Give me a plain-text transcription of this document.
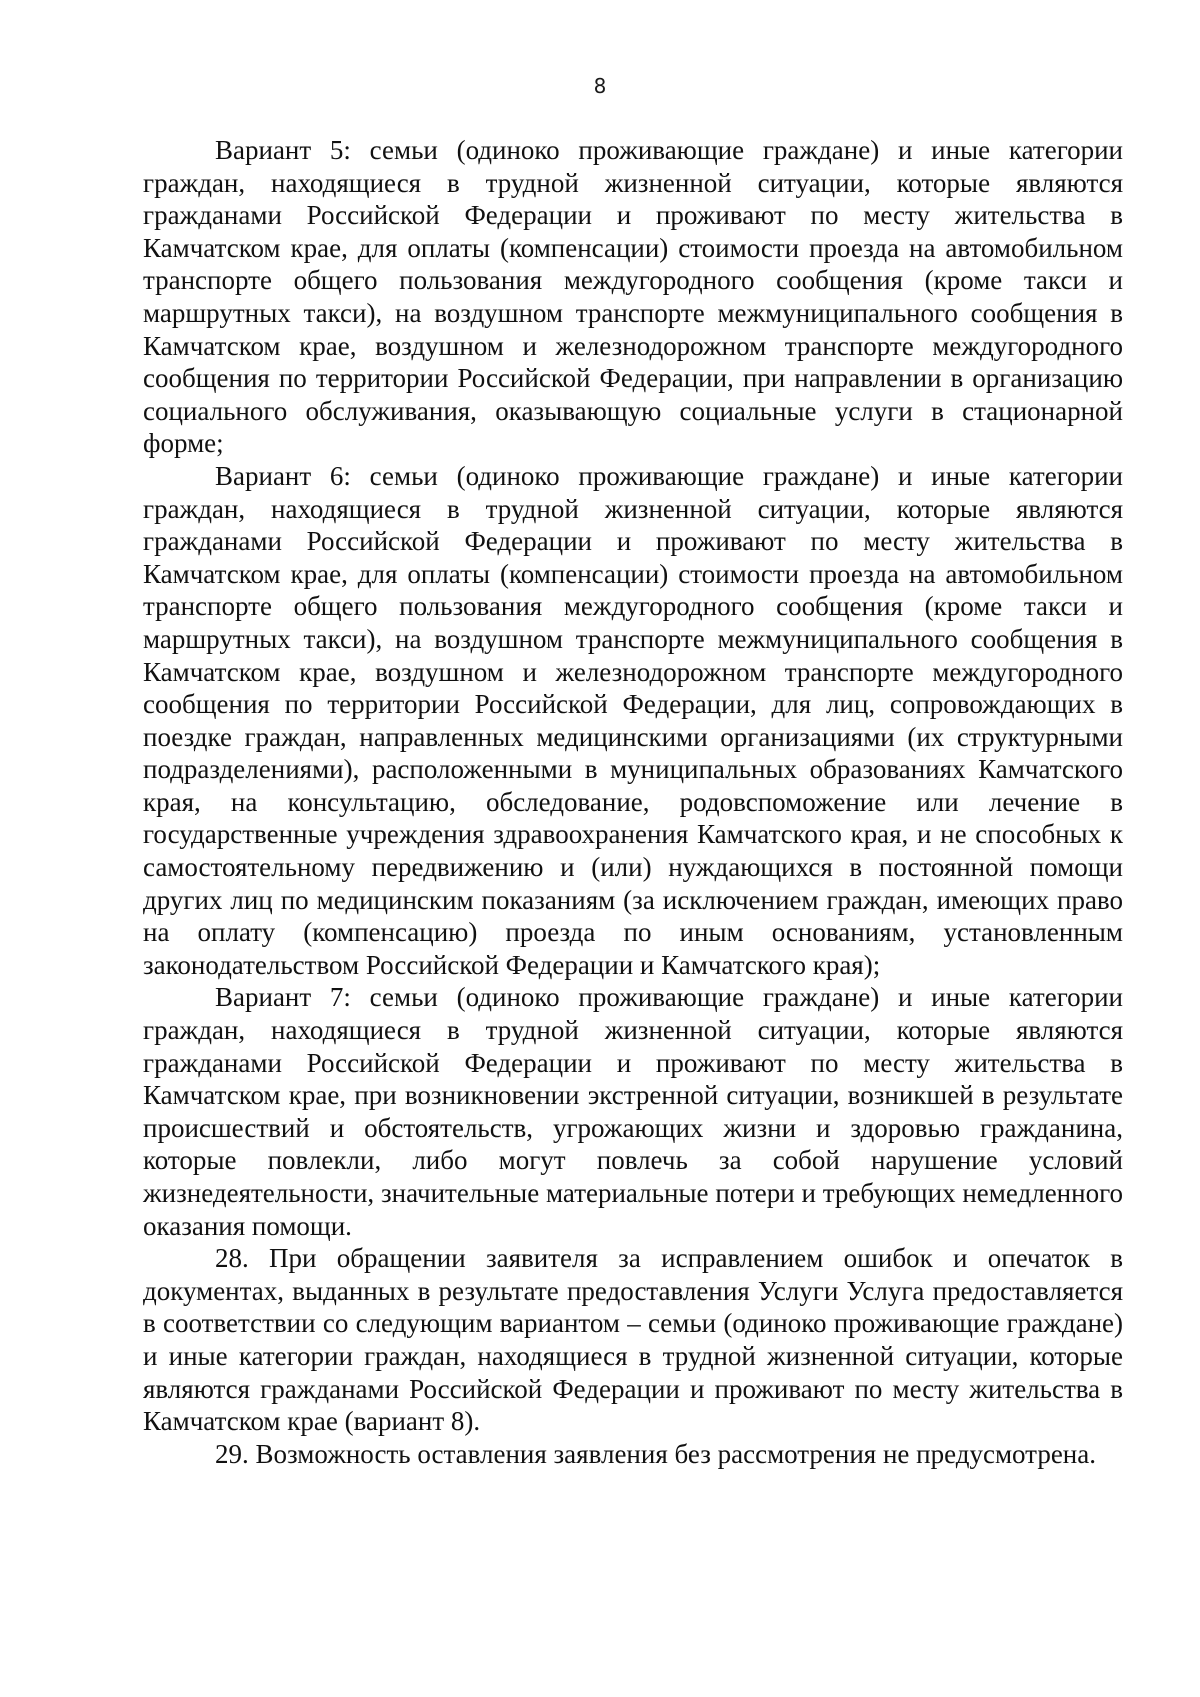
8

Вариант 5: семьи (одиноко проживающие граждане) и иные категории граждан, находящиеся в трудной жизненной ситуации, которые являются гражданами Российской Федерации и проживают по месту жительства в Камчатском крае, для оплаты (компенсации) стоимости проезда на автомобильном транспорте общего пользования междугородного сообщения (кроме такси и маршрутных такси), на воздушном транспорте межмуниципального сообщения в Камчатском крае, воздушном и железнодорожном транспорте междугородного сообщения по территории Российской Федерации, при направлении в организацию социального обслуживания, оказывающую социальные услуги в стационарной форме;

Вариант 6: семьи (одиноко проживающие граждане) и иные категории граждан, находящиеся в трудной жизненной ситуации, которые являются гражданами Российской Федерации и проживают по месту жительства в Камчатском крае, для оплаты (компенсации) стоимости проезда на автомобильном транспорте общего пользования междугородного сообщения (кроме такси и маршрутных такси), на воздушном транспорте межмуниципального сообщения в Камчатском крае, воздушном и железнодорожном транспорте междугородного сообщения по территории Российской Федерации, для лиц, сопровождающих в поездке граждан, направленных медицинскими организациями (их структурными подразделениями), расположенными в муниципальных образованиях Камчатского края, на консультацию, обследование, родовспоможение или лечение в государственные учреждения здравоохранения Камчатского края, и не способных к самостоятельному передвижению и (или) нуждающихся в постоянной помощи других лиц по медицинским показаниям (за исключением граждан, имеющих право на оплату (компенсацию) проезда по иным основаниям, установленным законодательством Российской Федерации и Камчатского края);

Вариант 7: семьи (одиноко проживающие граждане) и иные категории граждан, находящиеся в трудной жизненной ситуации, которые являются гражданами Российской Федерации и проживают по месту жительства в Камчатском крае, при возникновении экстренной ситуации, возникшей в результате происшествий и обстоятельств, угрожающих жизни и здоровью гражданина, которые повлекли, либо могут повлечь за собой нарушение условий жизнедеятельности, значительные материальные потери и требующих немедленного оказания помощи.

28. При обращении заявителя за исправлением ошибок и опечаток в документах, выданных в результате предоставления Услуги Услуга предоставляется в соответствии со следующим вариантом – семьи (одиноко проживающие граждане) и иные категории граждан, находящиеся в трудной жизненной ситуации, которые являются гражданами Российской Федерации и проживают по месту жительства в Камчатском крае (вариант 8).

29. Возможность оставления заявления без рассмотрения не предусмотрена.
